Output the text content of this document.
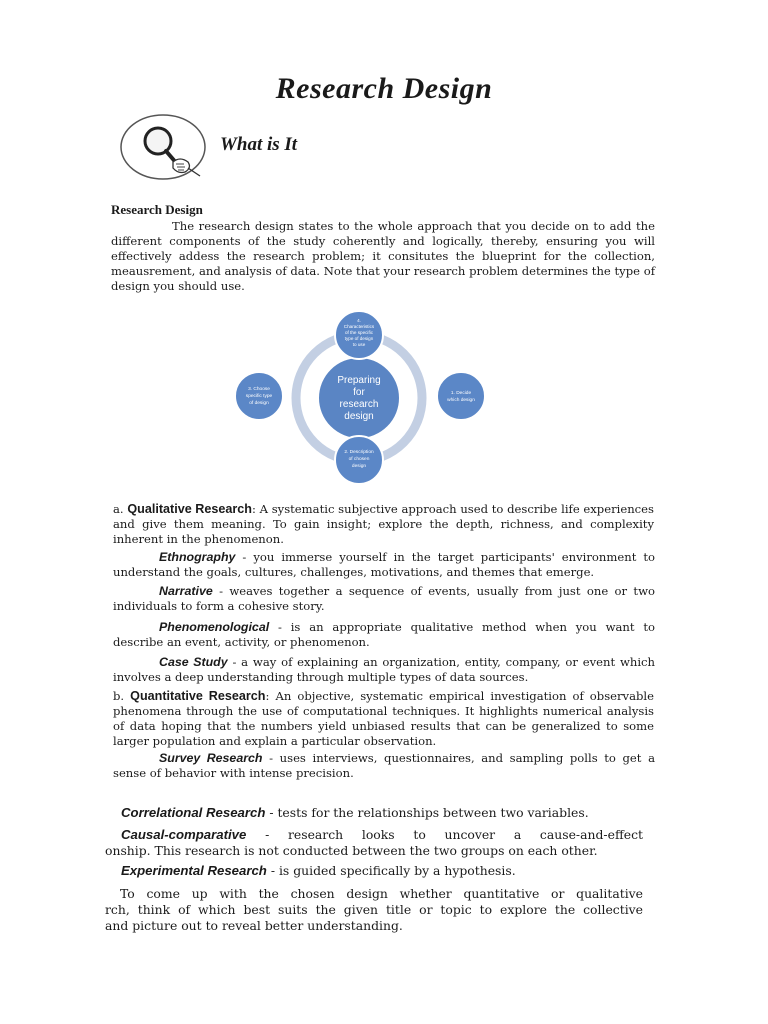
Research Design
What is It
Research Design
The research design states to the whole approach that you decide on to add the different components of the study coherently and logically, thereby, ensuring you will effectively addess the research problem; it consitutes the blueprint for the collection, meausrement, and analysis of data. Note that your research problem determines the type of design you should use.
Preparing
for
research
design
4.
Characteristics
of the specific
type of design
to use
1. Decide
which design
2. Description
of chosen
design
3. Choose
specific type
of design
a. Qualitative Research: A systematic subjective approach used to describe life experiences and give them meaning. To gain insight; explore the depth, richness, and complexity inherent in the phenomenon.
Ethnography - you immerse yourself in the target participants' environment to understand the goals, cultures, challenges, motivations, and themes that emerge.
Narrative - weaves together a sequence of events, usually from just one or two individuals to form a cohesive story.
Phenomenological - is an appropriate qualitative method when you want to describe an event, activity, or phenomenon.
Case Study - a way of explaining an organization, entity, company, or event which involves a deep understanding through multiple types of data sources.
b. Quantitative Research: An objective, systematic empirical investigation of observable phenomena through the use of computational techniques. It highlights numerical analysis of data hoping that the numbers yield unbiased results that can be generalized to some larger population and explain a particular observation.
Survey Research - uses interviews, questionnaires, and sampling polls to get a sense of behavior with intense precision.
Correlational Research - tests for the relationships between two variables.
Causal-comparative - research looks to uncover a cause-and-effect
onship. This research is not conducted between the two groups on each other.
Experimental Research - is guided specifically by a hypothesis.
To come up with the chosen design whether quantitative or qualitative
rch, think of which best suits the given title or topic to explore the collective
and picture out to reveal better understanding.
